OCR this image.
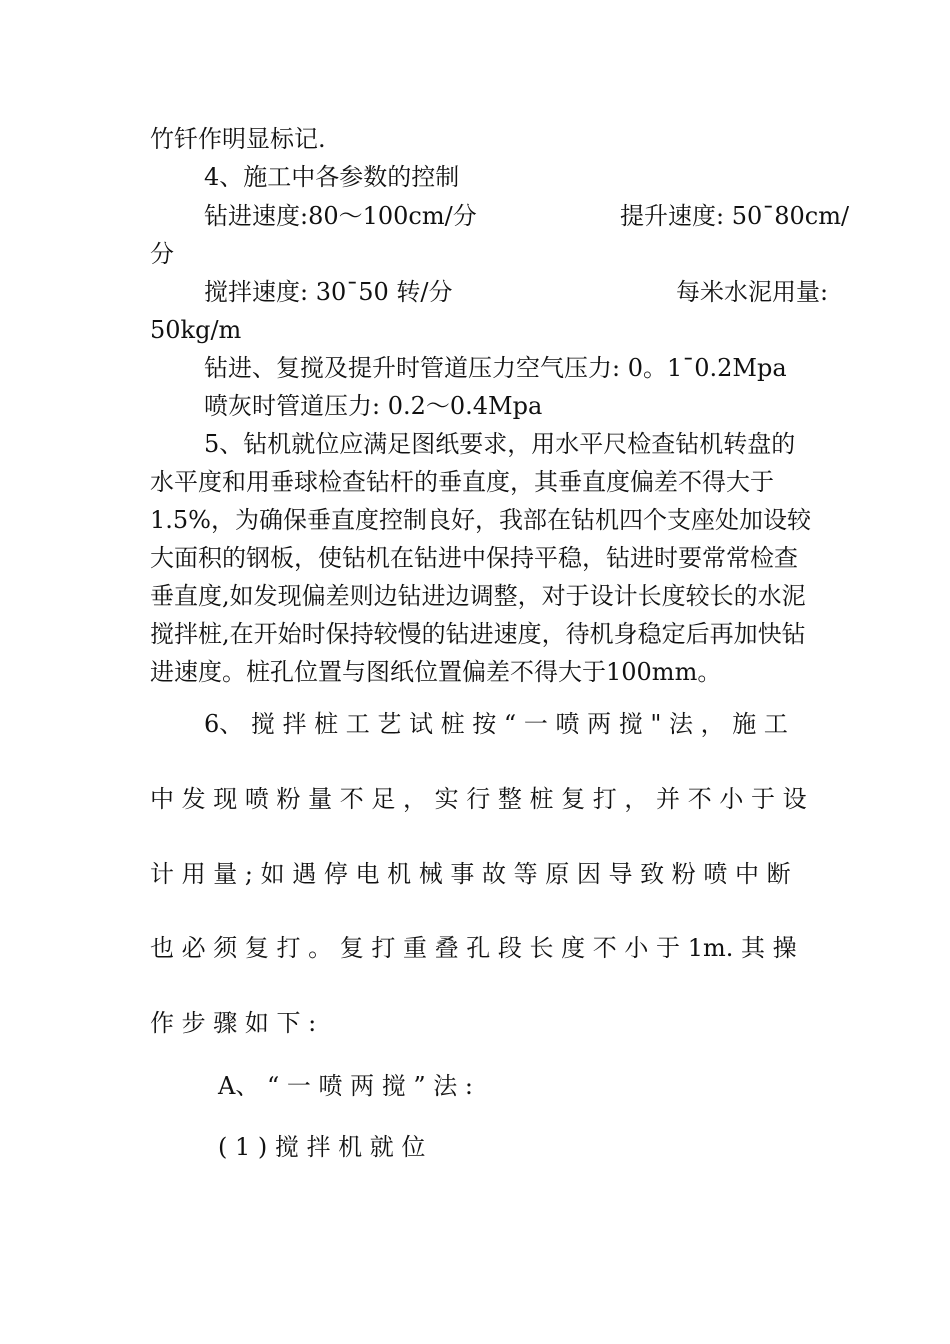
竹钎作明显标记.
4、施工中各参数的控制
钻进速度:80～100cm/分	提升速度: 50¯80cm/
分
搅拌速度: 30¯50 转/分	每米水泥用量:
50kg/m
钻进、复搅及提升时管道压力空气压力: 0。1¯0.2Mpa
喷灰时管道压力: 0.2～0.4Mpa
5、钻机就位应满足图纸要求，用水平尺检查钻机转盘的
水平度和用垂球检查钻杆的垂直度，其垂直度偏差不得大于
1.5%，为确保垂直度控制良好，我部在钻机四个支座处加设较
大面积的钢板，使钻机在钻进中保持平稳，钻进时要常常检查
垂直度,如发现偏差则边钻进边调整，对于设计长度较长的水泥
搅拌桩,在开始时保持较慢的钻进速度，待机身稳定后再加快钻
进速度。桩孔位置与图纸位置偏差不得大于100mm。
6、 搅 拌 桩 工 艺 试 桩 按 “ 一 喷 两 搅 " 法 ， 施 工
中 发 现 喷 粉 量 不 足 ， 实 行 整 桩 复 打 ， 并 不 小 于 设
计 用 量 ; 如 遇 停 电 机 械 事 故 等 原 因 导 致 粉 喷 中 断
也 必 须 复 打 。 复 打 重 叠 孔 段 长 度 不 小 于 1m. 其 操
作 步 骤 如 下 :
A、 “ 一 喷 两 搅 ” 法 :
( 1 ) 搅 拌 机 就 位
